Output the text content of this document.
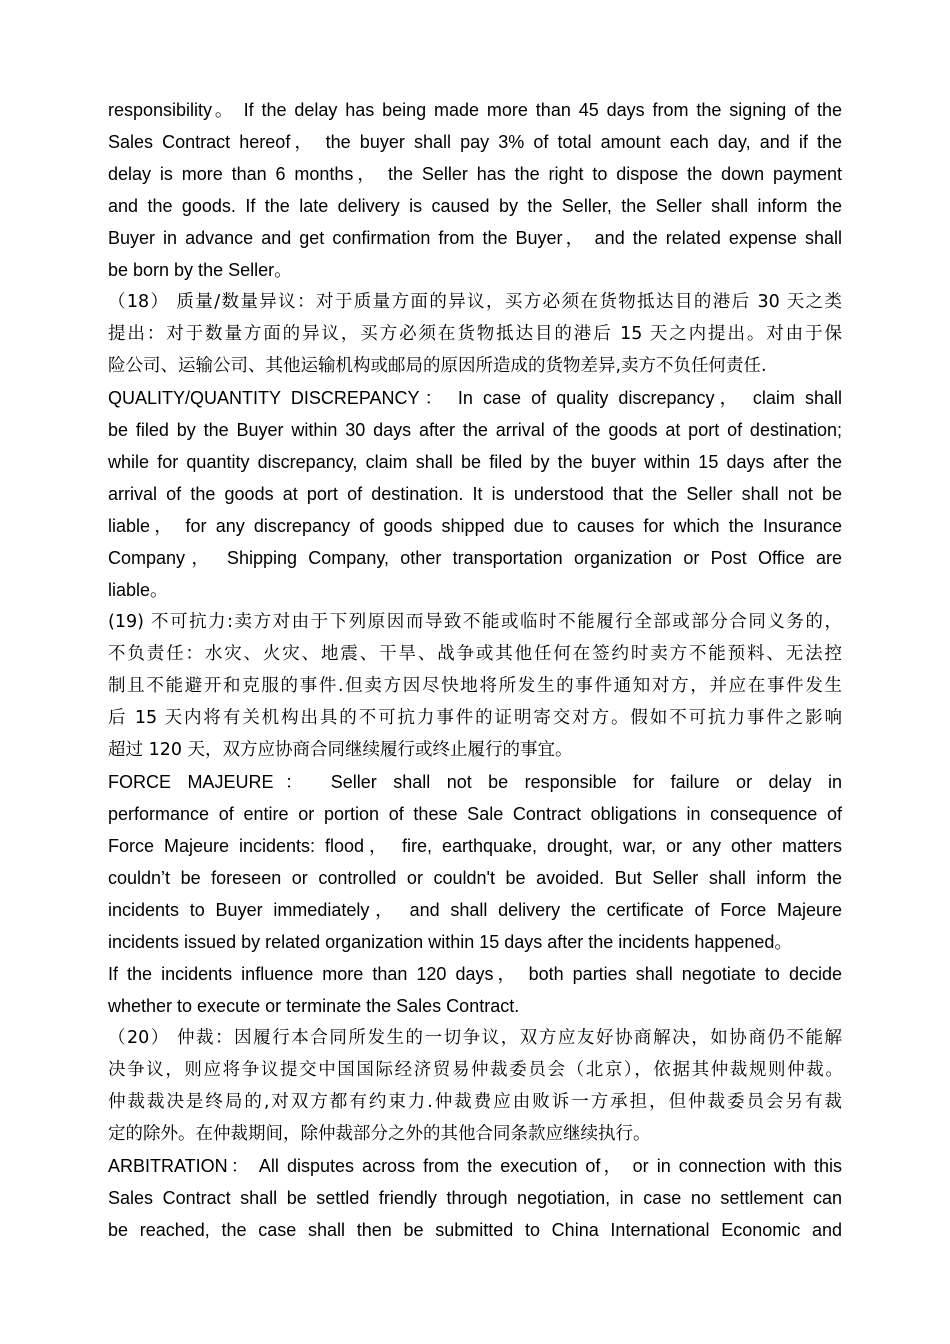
responsibility。 If the delay has being made more than 45 days from the signing of the
Sales Contract hereof， the buyer shall pay 3% of total amount each day, and if the
delay is more than 6 months， the Seller has the right to dispose the down payment
and the goods. If the late delivery is caused by the Seller, the Seller shall inform the
Buyer in advance and get confirmation from the Buyer， and the related expense shall
be born by the Seller。
（18） 质量/数量异议：对于质量方面的异议，买方必须在货物抵达目的港后 30 天之类
提出：对于数量方面的异议，买方必须在货物抵达目的港后 15 天之内提出。对由于保
险公司、运输公司、其他运输机构或邮局的原因所造成的货物差异,卖方不负任何责任.
QUALITY/QUANTITY DISCREPANCY： In case of quality discrepancy， claim shall
be filed by the Buyer within 30 days after the arrival of the goods at port of destination;
while for quantity discrepancy, claim shall be filed by the buyer within 15 days after the
arrival of the goods at port of destination. It is understood that the Seller shall not be
liable， for any discrepancy of goods shipped due to causes for which the Insurance
Company， Shipping Company, other transportation organization or Post Office are
liable。
(19) 不可抗力:卖方对由于下列原因而导致不能或临时不能履行全部或部分合同义务的，
不负责任：水灾、火灾、地震、干旱、战争或其他任何在签约时卖方不能预料、无法控
制且不能避开和克服的事件.但卖方因尽快地将所发生的事件通知对方，并应在事件发生
后 15 天内将有关机构出具的不可抗力事件的证明寄交对方。假如不可抗力事件之影响
超过 120 天，双方应协商合同继续履行或终止履行的事宜。
FORCE MAJEURE： Seller shall not be responsible for failure or delay in
performance of entire or portion of these Sale Contract obligations in consequence of
Force Majeure incidents: flood， fire, earthquake, drought, war, or any other matters
couldn’t be foreseen or controlled or couldn't be avoided. But Seller shall inform the
incidents to Buyer immediately， and shall delivery the certificate of Force Majeure
incidents issued by related organization within 15 days after the incidents happened。
If the incidents influence more than 120 days， both parties shall negotiate to decide
whether to execute or terminate the Sales Contract.
（20） 仲裁：因履行本合同所发生的一切争议，双方应友好协商解决，如协商仍不能解
决争议，则应将争议提交中国国际经济贸易仲裁委员会（北京），依据其仲裁规则仲裁。
仲裁裁决是终局的,对双方都有约束力.仲裁费应由败诉一方承担，但仲裁委员会另有裁
定的除外。在仲裁期间，除仲裁部分之外的其他合同条款应继续执行。
ARBITRATION： All disputes across from the execution of， or in connection with this
Sales Contract shall be settled friendly through negotiation, in case no settlement can
be reached, the case shall then be submitted to China International Economic and
